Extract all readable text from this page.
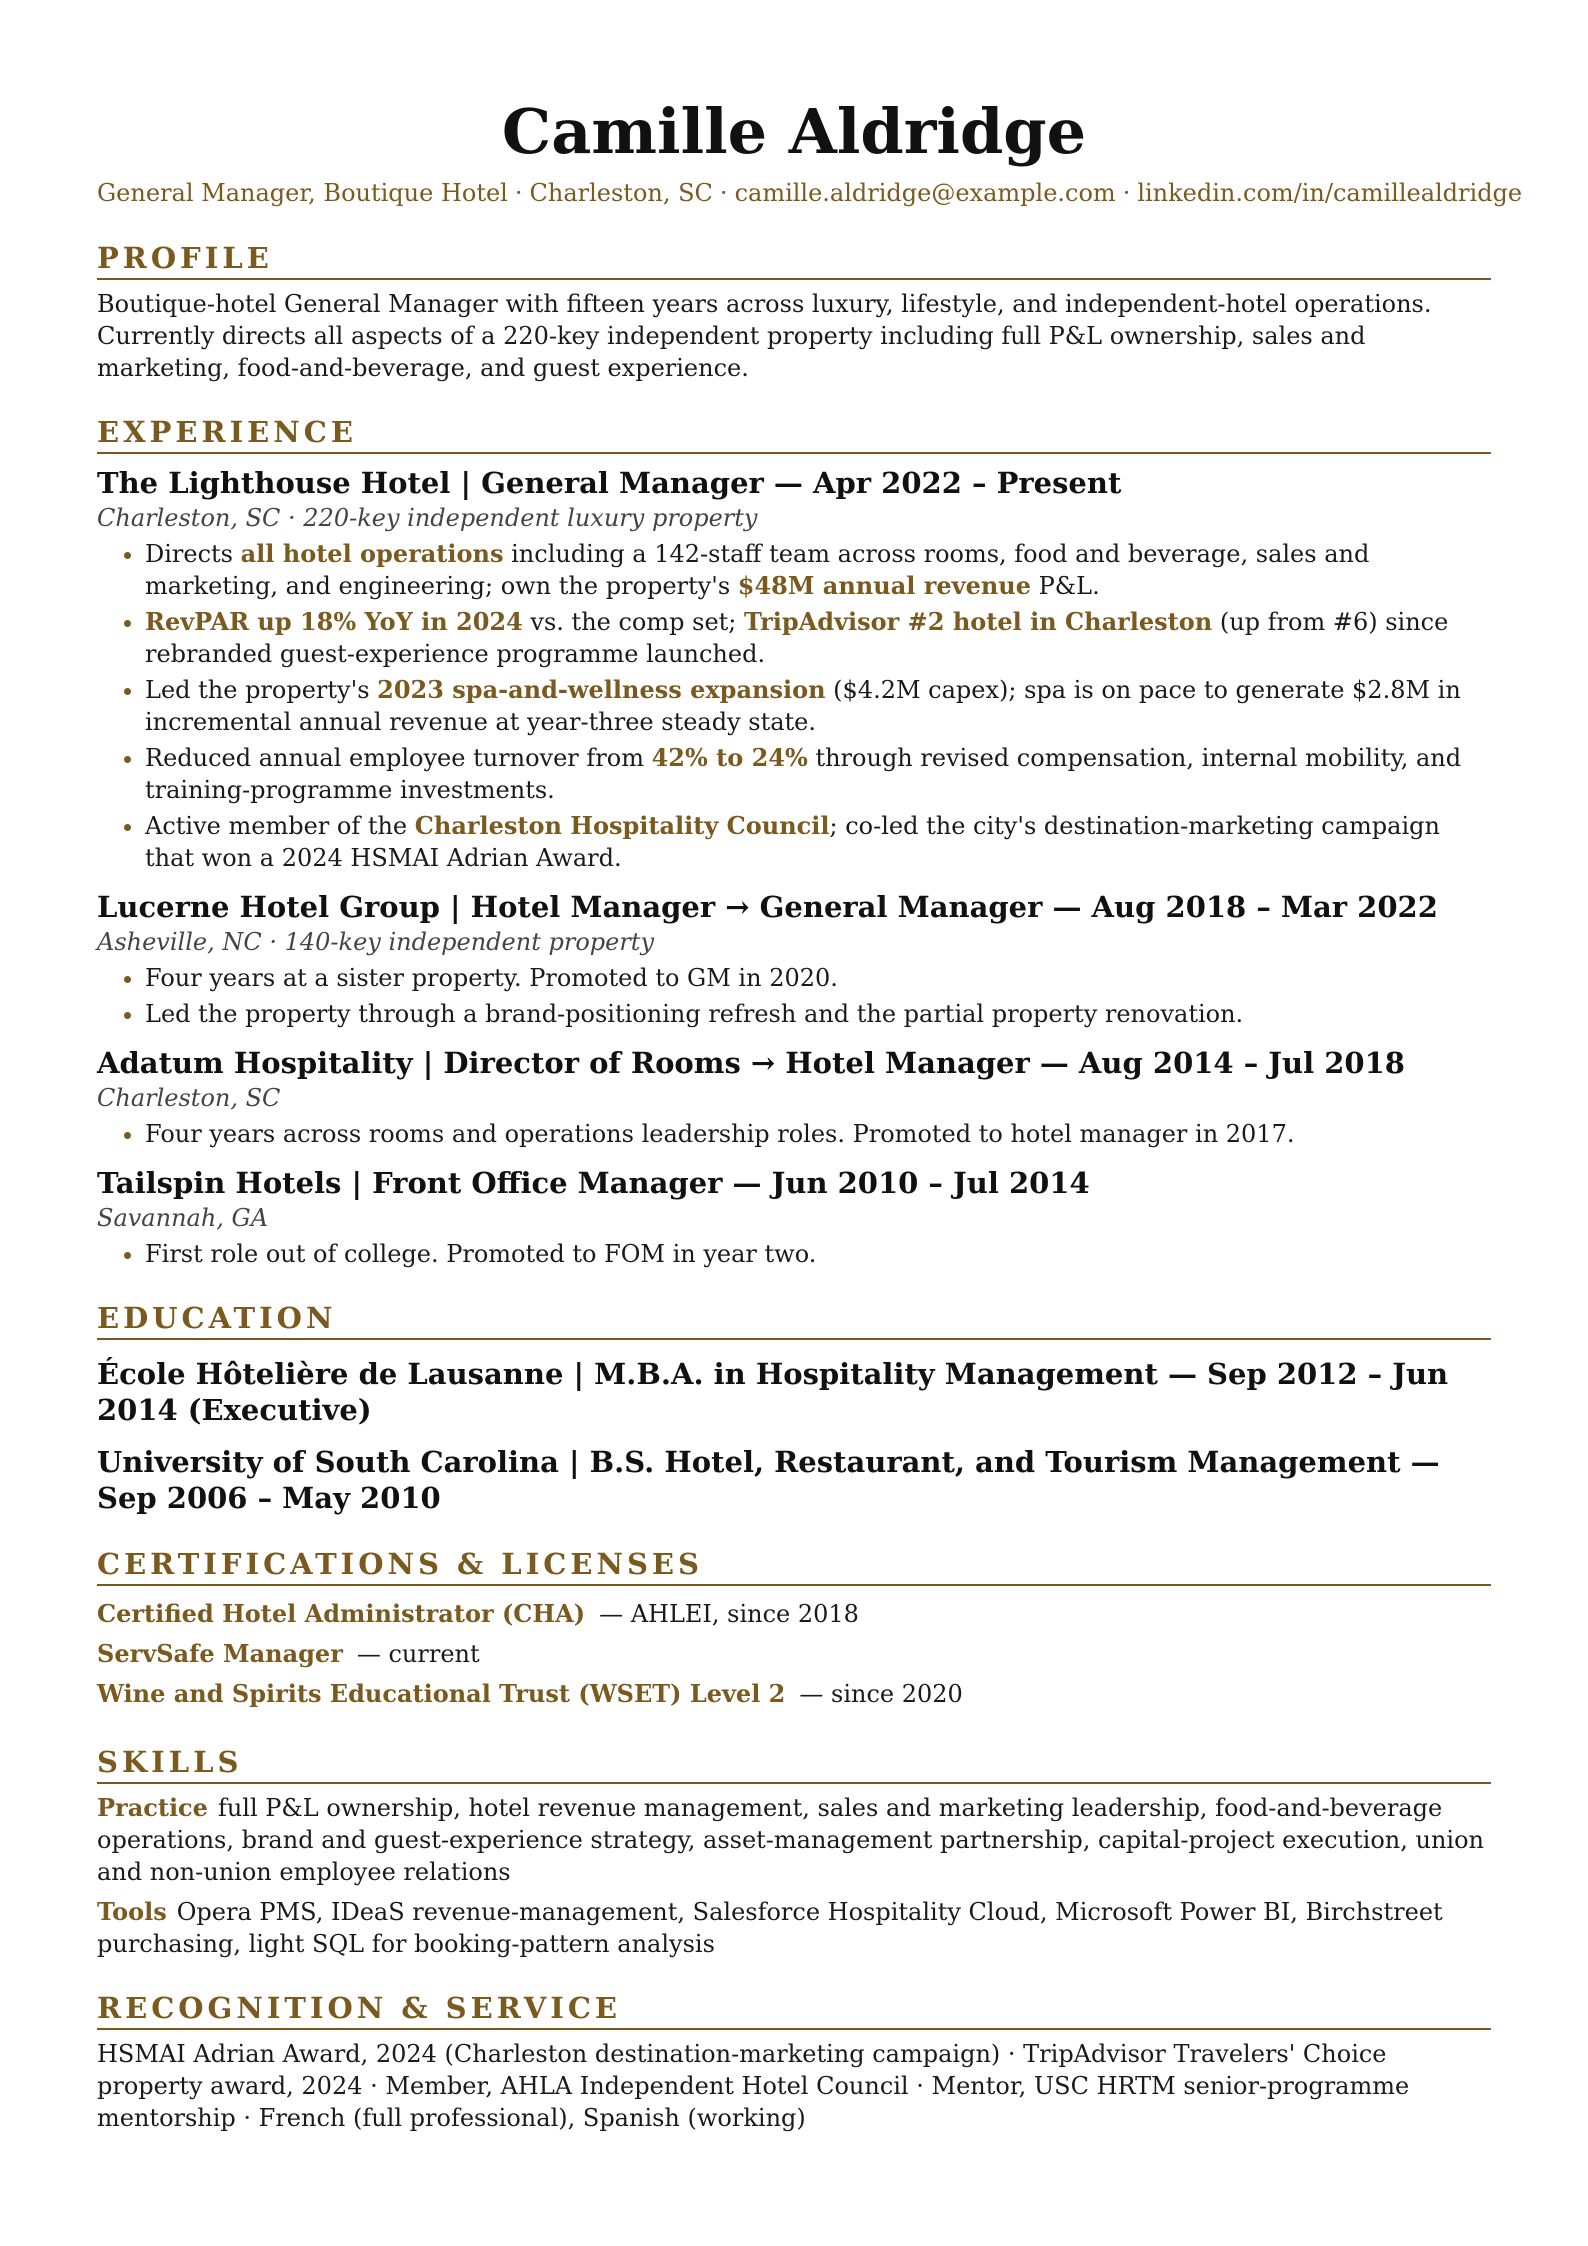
Camille Aldridge
General Manager, Boutique Hotel · Charleston, SC · camille.aldridge@example.com · linkedin.com/in/camillealdridge
PROFILE

Boutique-hotel General Manager with fifteen years across luxury, lifestyle, and independent-hotel operations. Currently directs all aspects of a 220-key independent property including full P&L ownership, sales and marketing, food-and-beverage, and guest experience.

EXPERIENCE
The Lighthouse Hotel | General Manager — Apr 2022 – Present
Charleston, SC · 220-key independent luxury property
• Directs all hotel operations including a 142-staff team across rooms, food and beverage, sales and marketing, and engineering; own the property's $48M annual revenue P&L.
• RevPAR up 18% YoY in 2024 vs. the comp set; TripAdvisor #2 hotel in Charleston (up from #6) since rebranded guest-experience programme launched.
• Led the property's 2023 spa-and-wellness expansion ($4.2M capex); spa is on pace to generate $2.8M in incremental annual revenue at year-three steady state.
• Reduced annual employee turnover from 42% to 24% through revised compensation, internal mobility, and training-programme investments.
• Active member of the Charleston Hospitality Council; co-led the city's destination-marketing campaign that won a 2024 HSMAI Adrian Award.
Lucerne Hotel Group | Hotel Manager → General Manager — Aug 2018 – Mar 2022
Asheville, NC · 140-key independent property
• Four years at a sister property. Promoted to GM in 2020.
• Led the property through a brand-positioning refresh and the partial property renovation.
Adatum Hospitality | Director of Rooms → Hotel Manager — Aug 2014 – Jul 2018
Charleston, SC
• Four years across rooms and operations leadership roles. Promoted to hotel manager in 2017.
Tailspin Hotels | Front Office Manager — Jun 2010 – Jul 2014
Savannah, GA
• First role out of college. Promoted to FOM in year two.
EDUCATION
École Hôtelière de Lausanne | M.B.A. in Hospitality Management — Sep 2012 – Jun 2014 (Executive)
University of South Carolina | B.S. Hotel, Restaurant, and Tourism Management — Sep 2006 – May 2010
CERTIFICATIONS & LICENSES
Certified Hotel Administrator (CHA) — AHLEI, since 2018
ServSafe Manager — current
Wine and Spirits Educational Trust (WSET) Level 2 — since 2020
SKILLS
Practice full P&L ownership, hotel revenue management, sales and marketing leadership, food-and-beverage operations, brand and guest-experience strategy, asset-management partnership, capital-project execution, union and non-union employee relations
Tools Opera PMS, IDeaS revenue-management, Salesforce Hospitality Cloud, Microsoft Power BI, Birchstreet purchasing, light SQL for booking-pattern analysis
RECOGNITION & SERVICE

HSMAI Adrian Award, 2024 (Charleston destination-marketing campaign) · TripAdvisor Travelers' Choice property award, 2024 · Member, AHLA Independent Hotel Council · Mentor, USC HRTM senior-programme mentorship · French (full professional), Spanish (working)
